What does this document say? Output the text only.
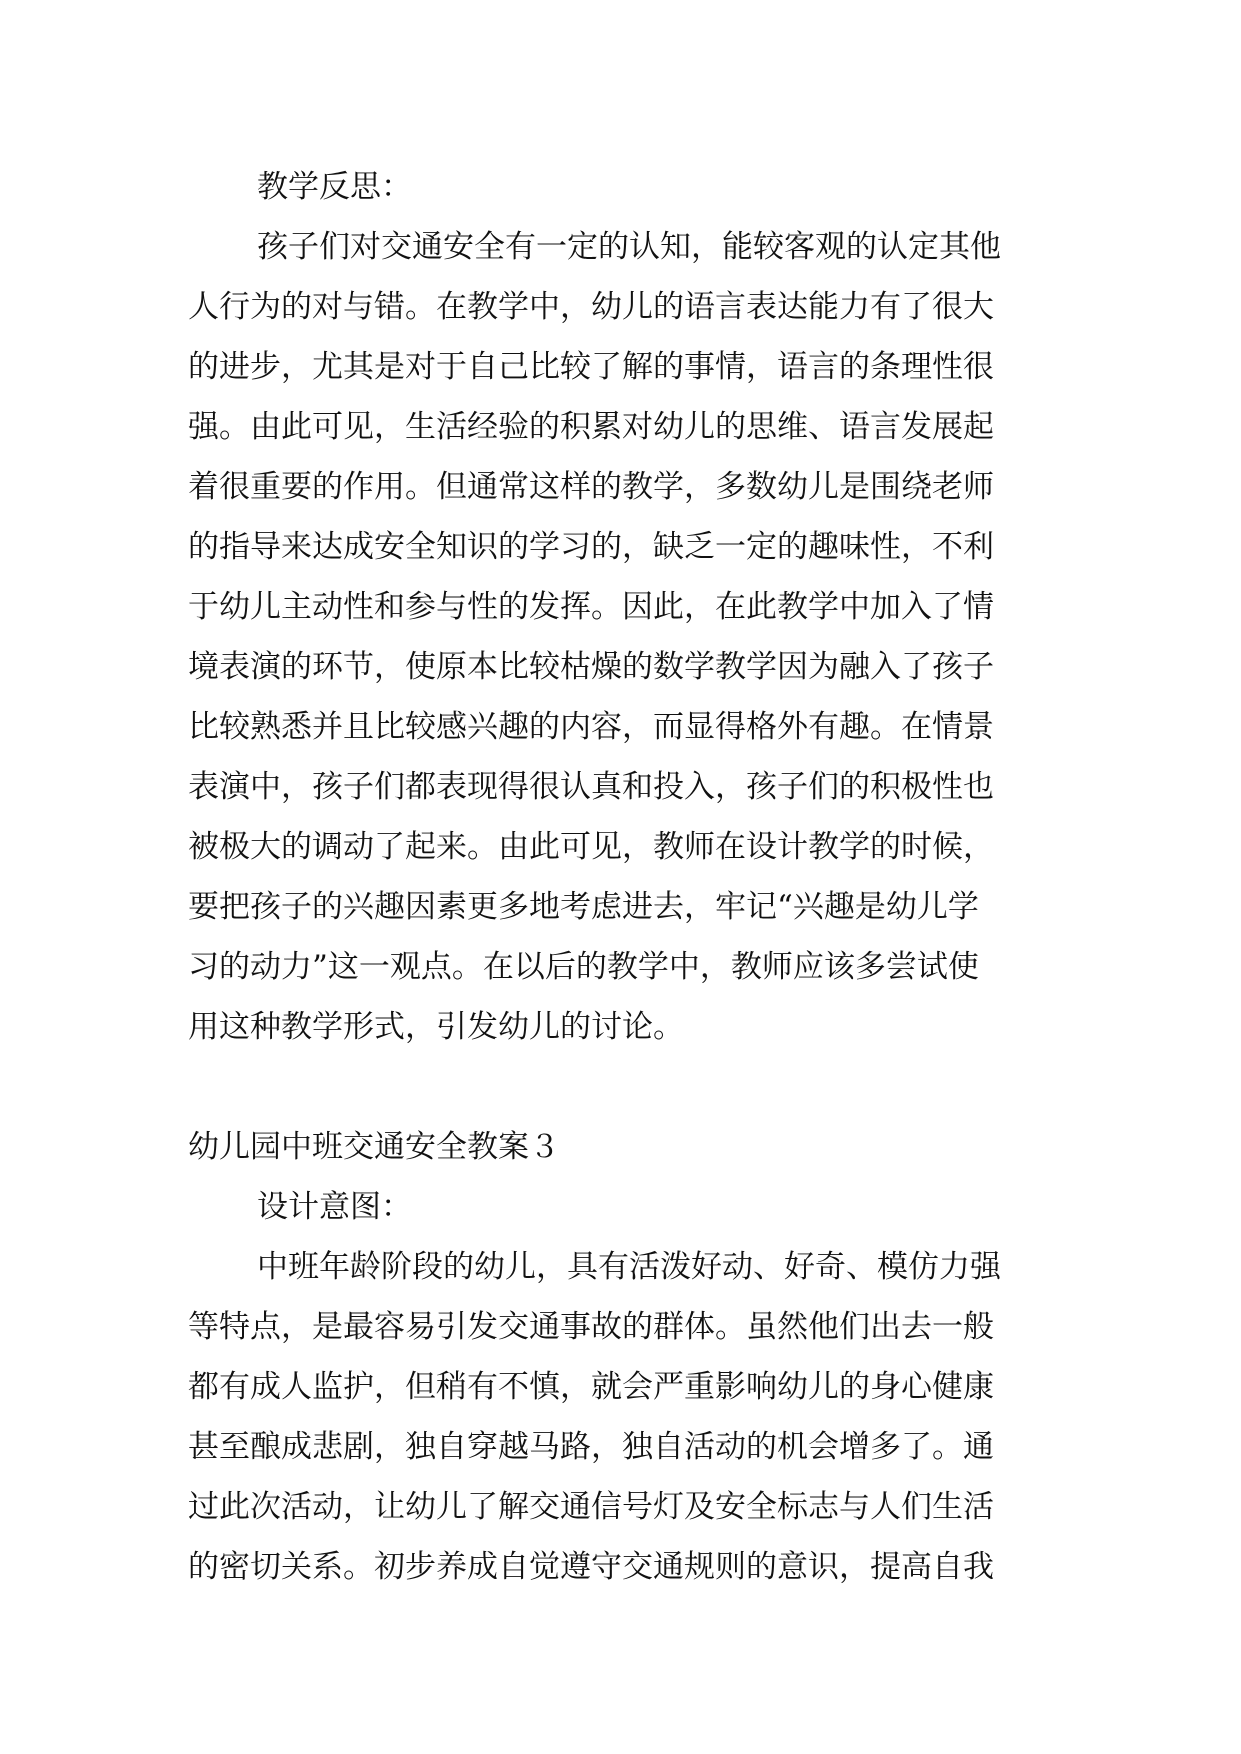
教学反思：
孩子们对交通安全有一定的认知，能较客观的认定其他
人行为的对与错。在教学中，幼儿的语言表达能力有了很大
的进步，尤其是对于自己比较了解的事情，语言的条理性很
强。由此可见，生活经验的积累对幼儿的思维、语言发展起
着很重要的作用。但通常这样的教学，多数幼儿是围绕老师
的指导来达成安全知识的学习的，缺乏一定的趣味性，不利
于幼儿主动性和参与性的发挥。因此，在此教学中加入了情
境表演的环节，使原本比较枯燥的数学教学因为融入了孩子
比较熟悉并且比较感兴趣的内容，而显得格外有趣。在情景
表演中，孩子们都表现得很认真和投入，孩子们的积极性也
被极大的调动了起来。由此可见，教师在设计教学的时候，
要把孩子的兴趣因素更多地考虑进去，牢记“兴趣是幼儿学
习的动力”这一观点。在以后的教学中，教师应该多尝试使
用这种教学形式，引发幼儿的讨论。
幼儿园中班交通安全教案３
设计意图：
中班年龄阶段的幼儿，具有活泼好动、好奇、模仿力强
等特点，是最容易引发交通事故的群体。虽然他们出去一般
都有成人监护，但稍有不慎，就会严重影响幼儿的身心健康
甚至酿成悲剧，独自穿越马路，独自活动的机会增多了。通
过此次活动，让幼儿了解交通信号灯及安全标志与人们生活
的密切关系。初步养成自觉遵守交通规则的意识，提高自我
